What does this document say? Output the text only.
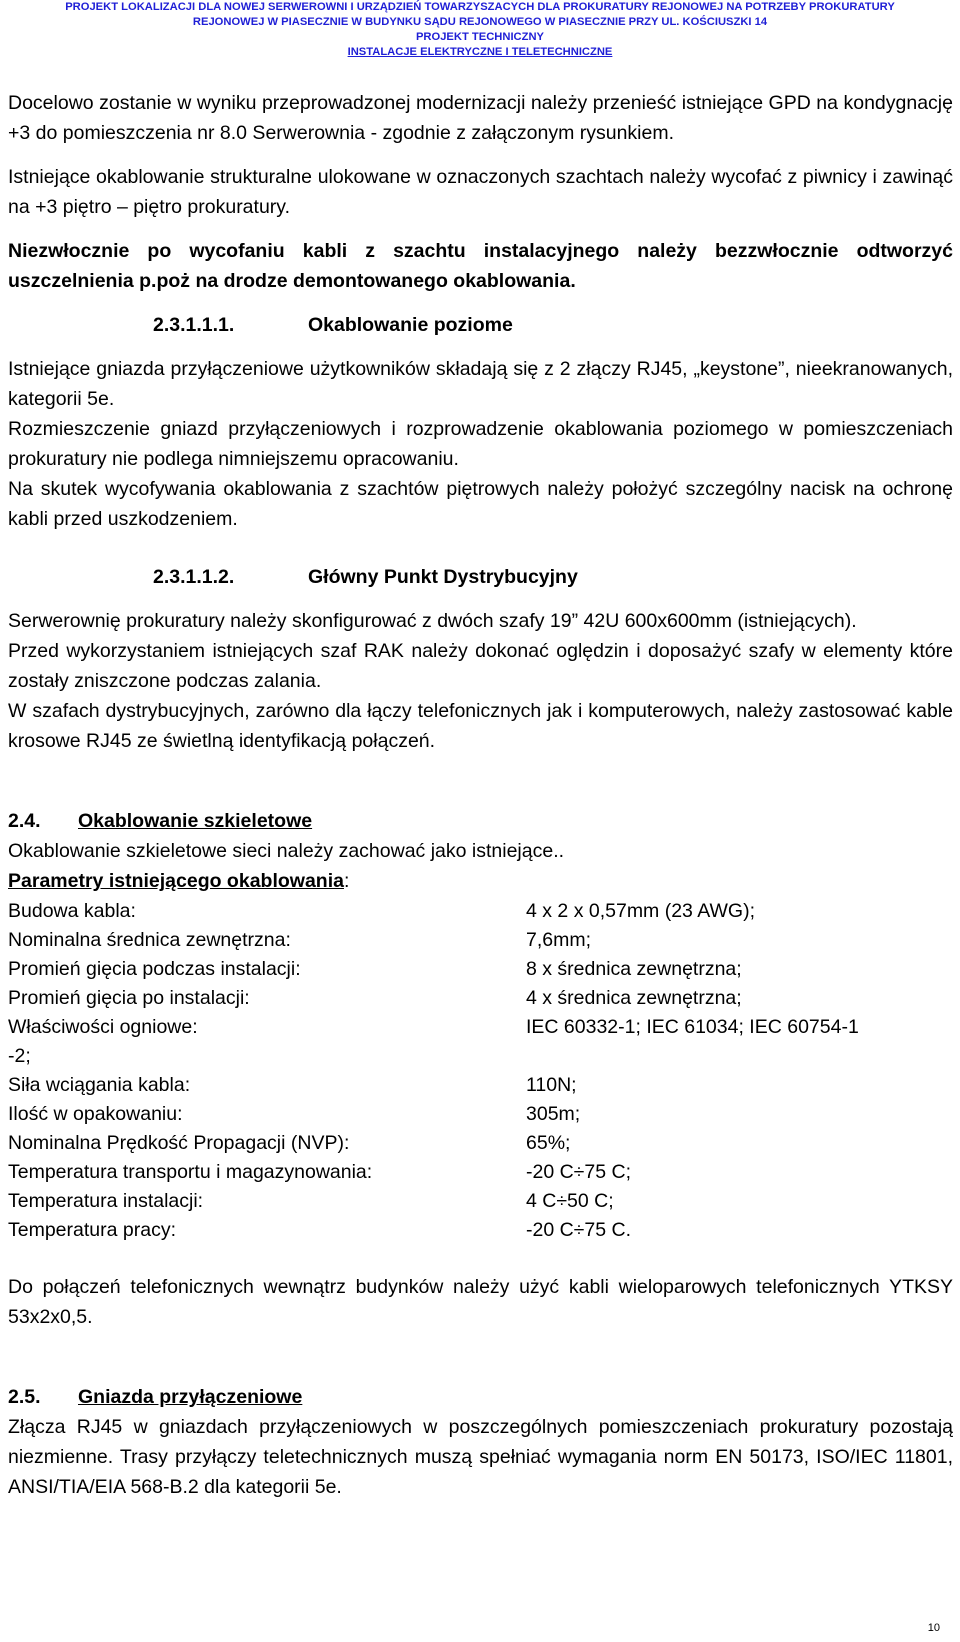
PROJEKT LOKALIZACJI DLA NOWEJ SERWEROWNI I URZĄDZIEŃ TOWARZYSZACYCH DLA PROKURATURY REJONOWEJ NA POTRZEBY PROKURATURY
REJONOWEJ W PIASECZNIE W BUDYNKU SĄDU REJONOWEGO W PIASECZNIE PRZY UL. KOŚCIUSZKI 14
PROJEKT TECHNICZNY
INSTALACJE ELEKTRYCZNE I TELETECHNICZNE

Docelowo zostanie w wyniku przeprowadzonej modernizacji należy przenieść istniejące GPD na kondygnację +3 do pomieszczenia nr 8.0 Serwerownia - zgodnie z załączonym rysunkiem.

Istniejące okablowanie strukturalne ulokowane w oznaczonych szachtach należy wycofać z piwnicy i zawinąć na +3 piętro – piętro prokuratury.

Niezwłocznie po wycofaniu kabli z szachtu instalacyjnego należy bezzwłocznie odtworzyć uszczelnienia p.poż na drodze demontowanego okablowania.

2.3.1.1.1.	Okablowanie poziome

Istniejące gniazda przyłączeniowe użytkowników składają się z 2 złączy RJ45, „keystone”, nieekranowanych, kategorii 5e.

Rozmieszczenie gniazd przyłączeniowych i rozprowadzenie okablowania poziomego w pomieszczeniach prokuratury nie podlega nimniejszemu opracowaniu.

Na skutek wycofywania okablowania z szachtów piętrowych należy położyć szczególny nacisk na ochronę kabli przed uszkodzeniem.

2.3.1.1.2.	Główny Punkt Dystrybucyjny

Serwerownię prokuratury należy skonfigurować z dwóch szafy 19” 42U 600x600mm (istniejących).

Przed wykorzystaniem istniejących szaf RAK należy dokonać oględzin i doposażyć szafy w elementy które zostały zniszczone podczas zalania.

W szafach dystrybucyjnych, zarówno dla łączy telefonicznych jak i komputerowych, należy zastosować kable krosowe RJ45 ze świetlną identyfikacją połączeń.

2.4. Okablowanie szkieletowe

Okablowanie szkieletowe sieci należy zachować jako istniejące..

Parametry istniejącego okablowania:

Budowa kabla:	4 x 2 x 0,57mm (23 AWG);
Nominalna średnica zewnętrzna:	7,6mm;
Promień gięcia podczas instalacji:	8 x średnica zewnętrzna;
Promień gięcia po instalacji:	4 x średnica zewnętrzna;
Właściwości ogniowe:	IEC 60332-1; IEC 61034; IEC 60754-1
-2;
Siła wciągania kabla:	110N;
Ilość w opakowaniu:	305m;
Nominalna Prędkość Propagacji (NVP):	65%;
Temperatura transportu i magazynowania:	-20 C÷75 C;
Temperatura instalacji:	4 C÷50 C;
Temperatura pracy:	-20 C÷75 C.

Do połączeń telefonicznych wewnątrz budynków należy użyć kabli wieloparowych telefonicznych YTKSY 53x2x0,5.

2.5. Gniazda przyłączeniowe

Złącza RJ45 w gniazdach przyłączeniowych w poszczególnych pomieszczeniach prokuratury pozostają niezmienne. Trasy przyłączy teletechnicznych muszą spełniać wymagania norm EN 50173, ISO/IEC 11801, ANSI/TIA/EIA 568-B.2 dla kategorii 5e.

10
